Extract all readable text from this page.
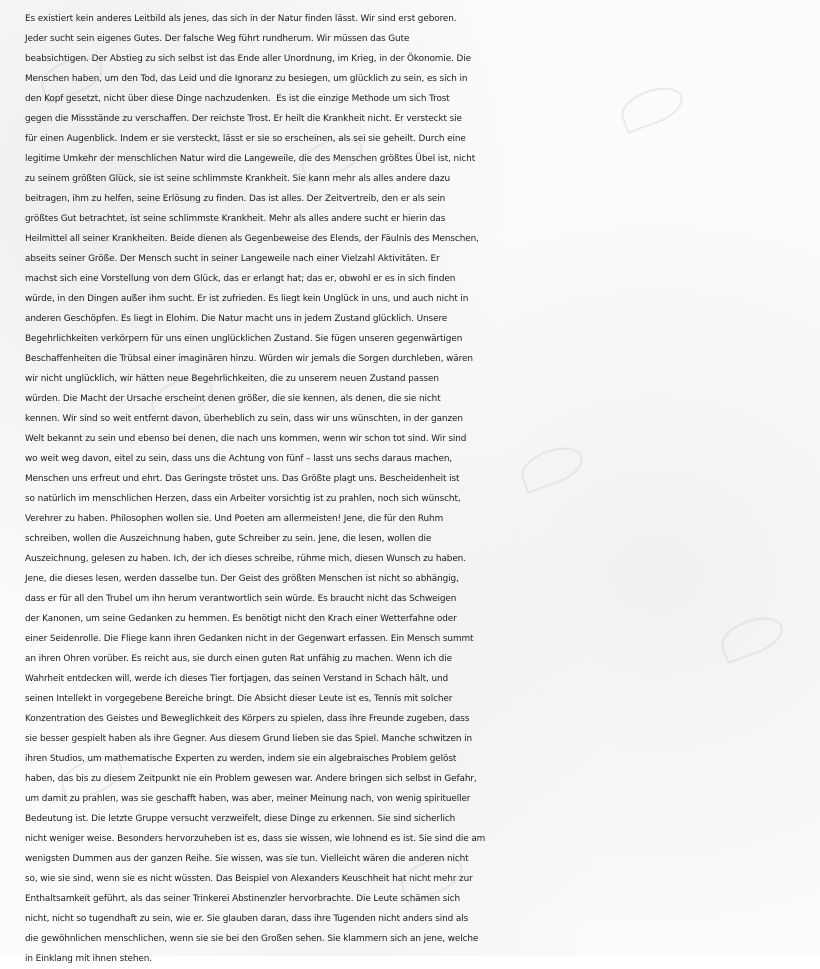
Es existiert kein anderes Leitbild als jenes, das sich in der Natur finden lässt. Wir sind erst geboren.
Jeder sucht sein eigenes Gutes. Der falsche Weg führt rundherum. Wir müssen das Gute
beabsichtigen. Der Abstieg zu sich selbst ist das Ende aller Unordnung, im Krieg, in der Ökonomie. Die
Menschen haben, um den Tod, das Leid und die Ignoranz zu besiegen, um glücklich zu sein, es sich in
den Kopf gesetzt, nicht über diese Dinge nachzudenken.  Es ist die einzige Methode um sich Trost
gegen die Missstände zu verschaffen. Der reichste Trost. Er heilt die Krankheit nicht. Er versteckt sie
für einen Augenblick. Indem er sie versteckt, lässt er sie so erscheinen, als sei sie geheilt. Durch eine
legitime Umkehr der menschlichen Natur wird die Langeweile, die des Menschen größtes Übel ist, nicht
zu seinem größten Glück, sie ist seine schlimmste Krankheit. Sie kann mehr als alles andere dazu
beitragen, ihm zu helfen, seine Erlösung zu finden. Das ist alles. Der Zeitvertreib, den er als sein
größtes Gut betrachtet, ist seine schlimmste Krankheit. Mehr als alles andere sucht er hierin das
Heilmittel all seiner Krankheiten. Beide dienen als Gegenbeweise des Elends, der Fäulnis des Menschen,
abseits seiner Größe. Der Mensch sucht in seiner Langeweile nach einer Vielzahl Aktivitäten. Er
machst sich eine Vorstellung von dem Glück, das er erlangt hat; das er, obwohl er es in sich finden
würde, in den Dingen außer ihm sucht. Er ist zufrieden. Es liegt kein Unglück in uns, und auch nicht in
anderen Geschöpfen. Es liegt in Elohim. Die Natur macht uns in jedem Zustand glücklich. Unsere
Begehrlichkeiten verkörpern für uns einen unglücklichen Zustand. Sie fügen unseren gegenwärtigen
Beschaffenheiten die Trübsal einer imaginären hinzu. Würden wir jemals die Sorgen durchleben, wären
wir nicht unglücklich, wir hätten neue Begehrlichkeiten, die zu unserem neuen Zustand passen
würden. Die Macht der Ursache erscheint denen größer, die sie kennen, als denen, die sie nicht
kennen. Wir sind so weit entfernt davon, überheblich zu sein, dass wir uns wünschten, in der ganzen
Welt bekannt zu sein und ebenso bei denen, die nach uns kommen, wenn wir schon tot sind. Wir sind
wo weit weg davon, eitel zu sein, dass uns die Achtung von fünf – lasst uns sechs daraus machen,
Menschen uns erfreut und ehrt. Das Geringste tröstet uns. Das Größte plagt uns. Bescheidenheit ist
so natürlich im menschlichen Herzen, dass ein Arbeiter vorsichtig ist zu prahlen, noch sich wünscht,
Verehrer zu haben. Philosophen wollen sie. Und Poeten am allermeisten! Jene, die für den Ruhm
schreiben, wollen die Auszeichnung haben, gute Schreiber zu sein. Jene, die lesen, wollen die
Auszeichnung, gelesen zu haben. Ich, der ich dieses schreibe, rühme mich, diesen Wunsch zu haben.
Jene, die dieses lesen, werden dasselbe tun. Der Geist des größten Menschen ist nicht so abhängig,
dass er für all den Trubel um ihn herum verantwortlich sein würde. Es braucht nicht das Schweigen
der Kanonen, um seine Gedanken zu hemmen. Es benötigt nicht den Krach einer Wetterfahne oder
einer Seidenrolle. Die Fliege kann ihren Gedanken nicht in der Gegenwart erfassen. Ein Mensch summt
an ihren Ohren vorüber. Es reicht aus, sie durch einen guten Rat unfähig zu machen. Wenn ich die
Wahrheit entdecken will, werde ich dieses Tier fortjagen, das seinen Verstand in Schach hält, und
seinen Intellekt in vorgegebene Bereiche bringt. Die Absicht dieser Leute ist es, Tennis mit solcher
Konzentration des Geistes und Beweglichkeit des Körpers zu spielen, dass ihre Freunde zugeben, dass
sie besser gespielt haben als ihre Gegner. Aus diesem Grund lieben sie das Spiel. Manche schwitzen in
ihren Studios, um mathematische Experten zu werden, indem sie ein algebraisches Problem gelöst
haben, das bis zu diesem Zeitpunkt nie ein Problem gewesen war. Andere bringen sich selbst in Gefahr,
um damit zu prahlen, was sie geschafft haben, was aber, meiner Meinung nach, von wenig spiritueller
Bedeutung ist. Die letzte Gruppe versucht verzweifelt, diese Dinge zu erkennen. Sie sind sicherlich
nicht weniger weise. Besonders hervorzuheben ist es, dass sie wissen, wie lohnend es ist. Sie sind die am
wenigsten Dummen aus der ganzen Reihe. Sie wissen, was sie tun. Vielleicht wären die anderen nicht
so, wie sie sind, wenn sie es nicht wüssten. Das Beispiel von Alexanders Keuschheit hat nicht mehr zur
Enthaltsamkeit geführt, als das seiner Trinkerei Abstinenzler hervorbrachte. Die Leute schämen sich
nicht, nicht so tugendhaft zu sein, wie er. Sie glauben daran, dass ihre Tugenden nicht anders sind als
die gewöhnlichen menschlichen, wenn sie sie bei den Großen sehen. Sie klammern sich an jene, welche
in Einklang mit ihnen stehen.
